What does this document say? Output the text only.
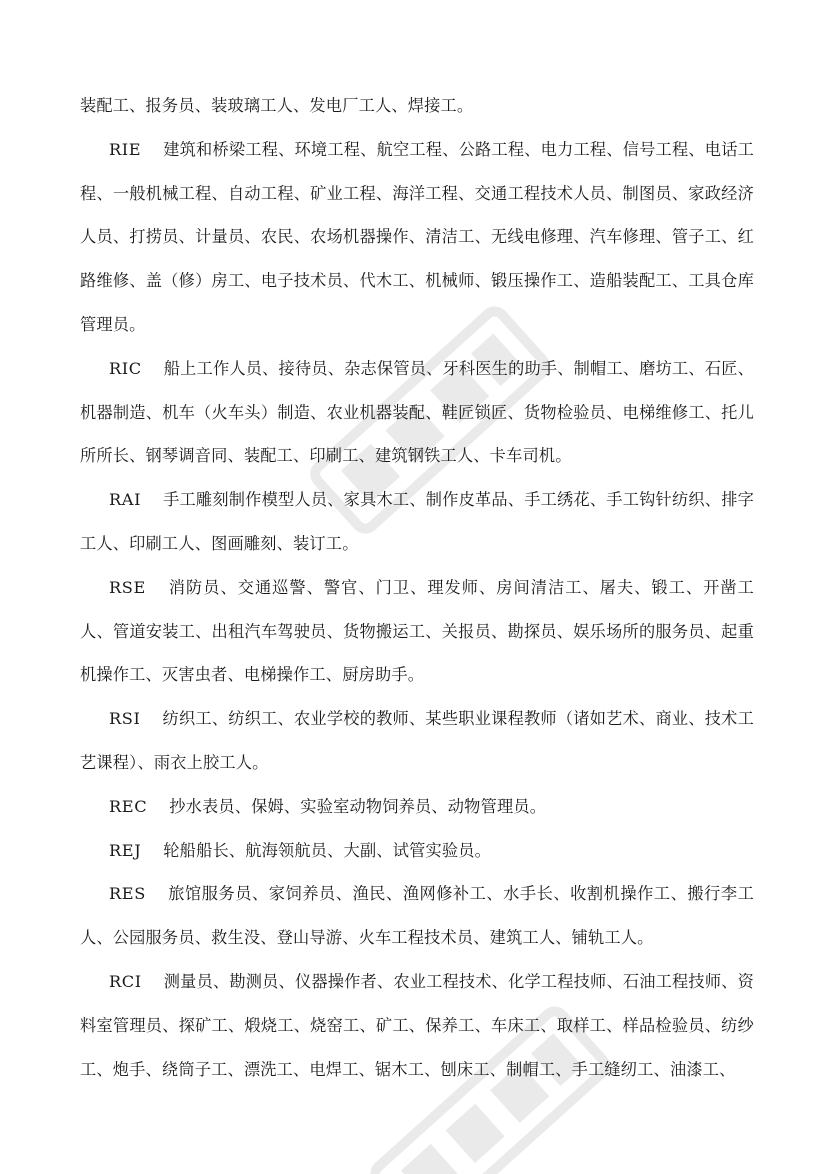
装配工、报务员、装玻璃工人、发电厂工人、焊接工。

RIE 建筑和桥梁工程、环境工程、航空工程、公路工程、电力工程、信号工程、电话工程、一般机械工程、自动工程、矿业工程、海洋工程、交通工程技术人员、制图员、家政经济人员、打捞员、计量员、农民、农场机器操作、清洁工、无线电修理、汽车修理、管子工、红路维修、盖（修）房工、电子技术员、代木工、机械师、锻压操作工、造船装配工、工具仓库管理员。

RIC 船上工作人员、接待员、杂志保管员、牙科医生的助手、制帽工、磨坊工、石匠、机器制造、机车（火车头）制造、农业机器装配、鞋匠锁匠、货物检验员、电梯维修工、托儿所所长、钢琴调音同、装配工、印刷工、建筑钢铁工人、卡车司机。

RAI 手工雕刻制作模型人员、家具木工、制作皮革品、手工绣花、手工钩针纺织、排字工人、印刷工人、图画雕刻、装订工。

RSE 消防员、交通巡警、警官、门卫、理发师、房间清洁工、屠夫、锻工、开凿工人、管道安装工、出租汽车驾驶员、货物搬运工、关报员、勘探员、娱乐场所的服务员、起重机操作工、灭害虫者、电梯操作工、厨房助手。

RSI 纺织工、纺织工、农业学校的教师、某些职业课程教师（诸如艺术、商业、技术工艺课程）、雨衣上胶工人。

REC 抄水表员、保姆、实验室动物饲养员、动物管理员。

REJ 轮船船长、航海领航员、大副、试管实验员。

RES 旅馆服务员、家饲养员、渔民、渔网修补工、水手长、收割机操作工、搬行李工人、公园服务员、救生没、登山导游、火车工程技术员、建筑工人、铺轨工人。

RCI 测量员、勘测员、仪器操作者、农业工程技术、化学工程技师、石油工程技师、资料室管理员、探矿工、煅烧工、烧窑工、矿工、保养工、车床工、取样工、样品检验员、纺纱工、炮手、绕筒子工、漂洗工、电焊工、锯木工、刨床工、制帽工、手工缝纫工、油漆工、
